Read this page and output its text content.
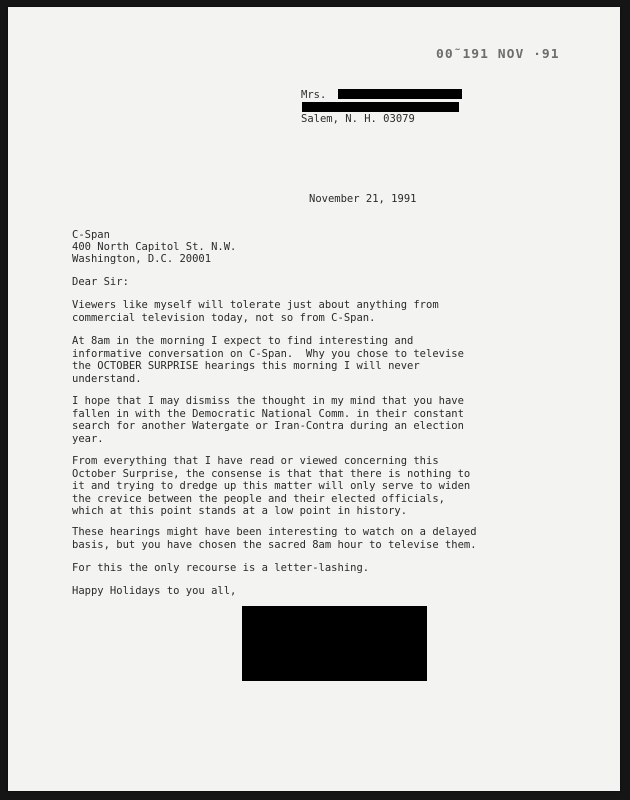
00˜191 NOV ·91
Mrs.
Salem, N. H. 03079
November 21, 1991
C-Span
400 North Capitol St. N.W.
Washington, D.C. 20001
Dear Sir:

Viewers like myself will tolerate just about anything from
commercial television today, not so from C-Span.

At 8am in the morning I expect to find interesting and
informative conversation on C-Span.  Why you chose to televise
the OCTOBER SURPRISE hearings this morning I will never
understand.

I hope that I may dismiss the thought in my mind that you have
fallen in with the Democratic National Comm. in their constant
search for another Watergate or Iran-Contra during an election
year.

From everything that I have read or viewed concerning this
October Surprise, the consense is that that there is nothing to
it and trying to dredge up this matter will only serve to widen
the crevice between the people and their elected officials,
which at this point stands at a low point in history.

These hearings might have been interesting to watch on a delayed
basis, but you have chosen the sacred 8am hour to televise them.

For this the only recourse is a letter-lashing.

Happy Holidays to you all,
